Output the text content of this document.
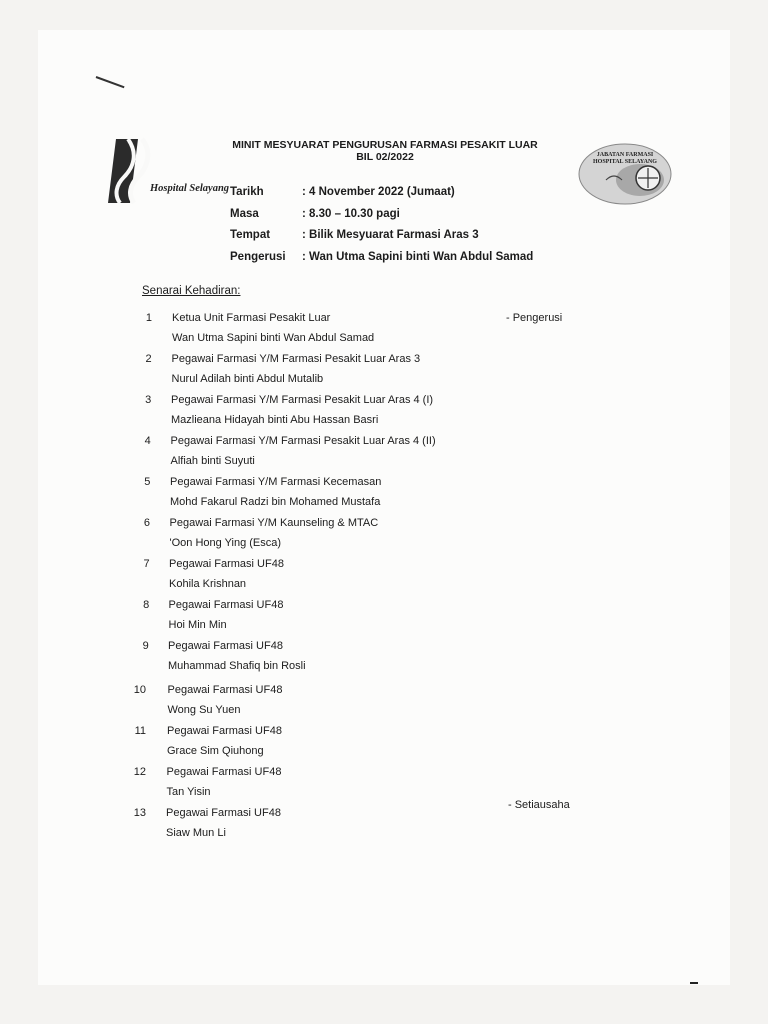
Hospital Selayang
JABATAN FARMASI
HOSPITAL SELAYANG
MINIT MESYUARAT PENGURUSAN FARMASI PESAKIT LUAR
BIL 02/2022
Tarikh	: 4 November 2022 (Jumaat)
Masa	: 8.30 – 10.30 pagi
Tempat	: Bilik Mesyuarat Farmasi Aras 3
Pengerusi	: Wan Utma Sapini binti Wan Abdul Samad
Senarai Kehadiran:
1 Ketua Unit Farmasi Pesakit Luar
Wan Utma Sapini binti Wan Abdul Samad
- Pengerusi
2 Pegawai Farmasi Y/M Farmasi Pesakit Luar Aras 3
Nurul Adilah binti Abdul Mutalib
3 Pegawai Farmasi Y/M Farmasi Pesakit Luar Aras 4 (I)
Mazlieana Hidayah binti Abu Hassan Basri
4 Pegawai Farmasi Y/M Farmasi Pesakit Luar Aras 4 (II)
Alfiah binti Suyuti
5 Pegawai Farmasi Y/M Farmasi Kecemasan
Mohd Fakarul Radzi bin Mohamed Mustafa
6 Pegawai Farmasi Y/M Kaunseling & MTAC
'Oon Hong Ying (Esca)
7 Pegawai Farmasi UF48
Kohila Krishnan
8 Pegawai Farmasi UF48
Hoi Min Min
9 Pegawai Farmasi UF48
Muhammad Shafiq bin Rosli
10 Pegawai Farmasi UF48
Wong Su Yuen
11 Pegawai Farmasi UF48
Grace Sim Qiuhong
12 Pegawai Farmasi UF48
Tan Yisin
13 Pegawai Farmasi UF48
Siaw Mun Li
- Setiausaha
